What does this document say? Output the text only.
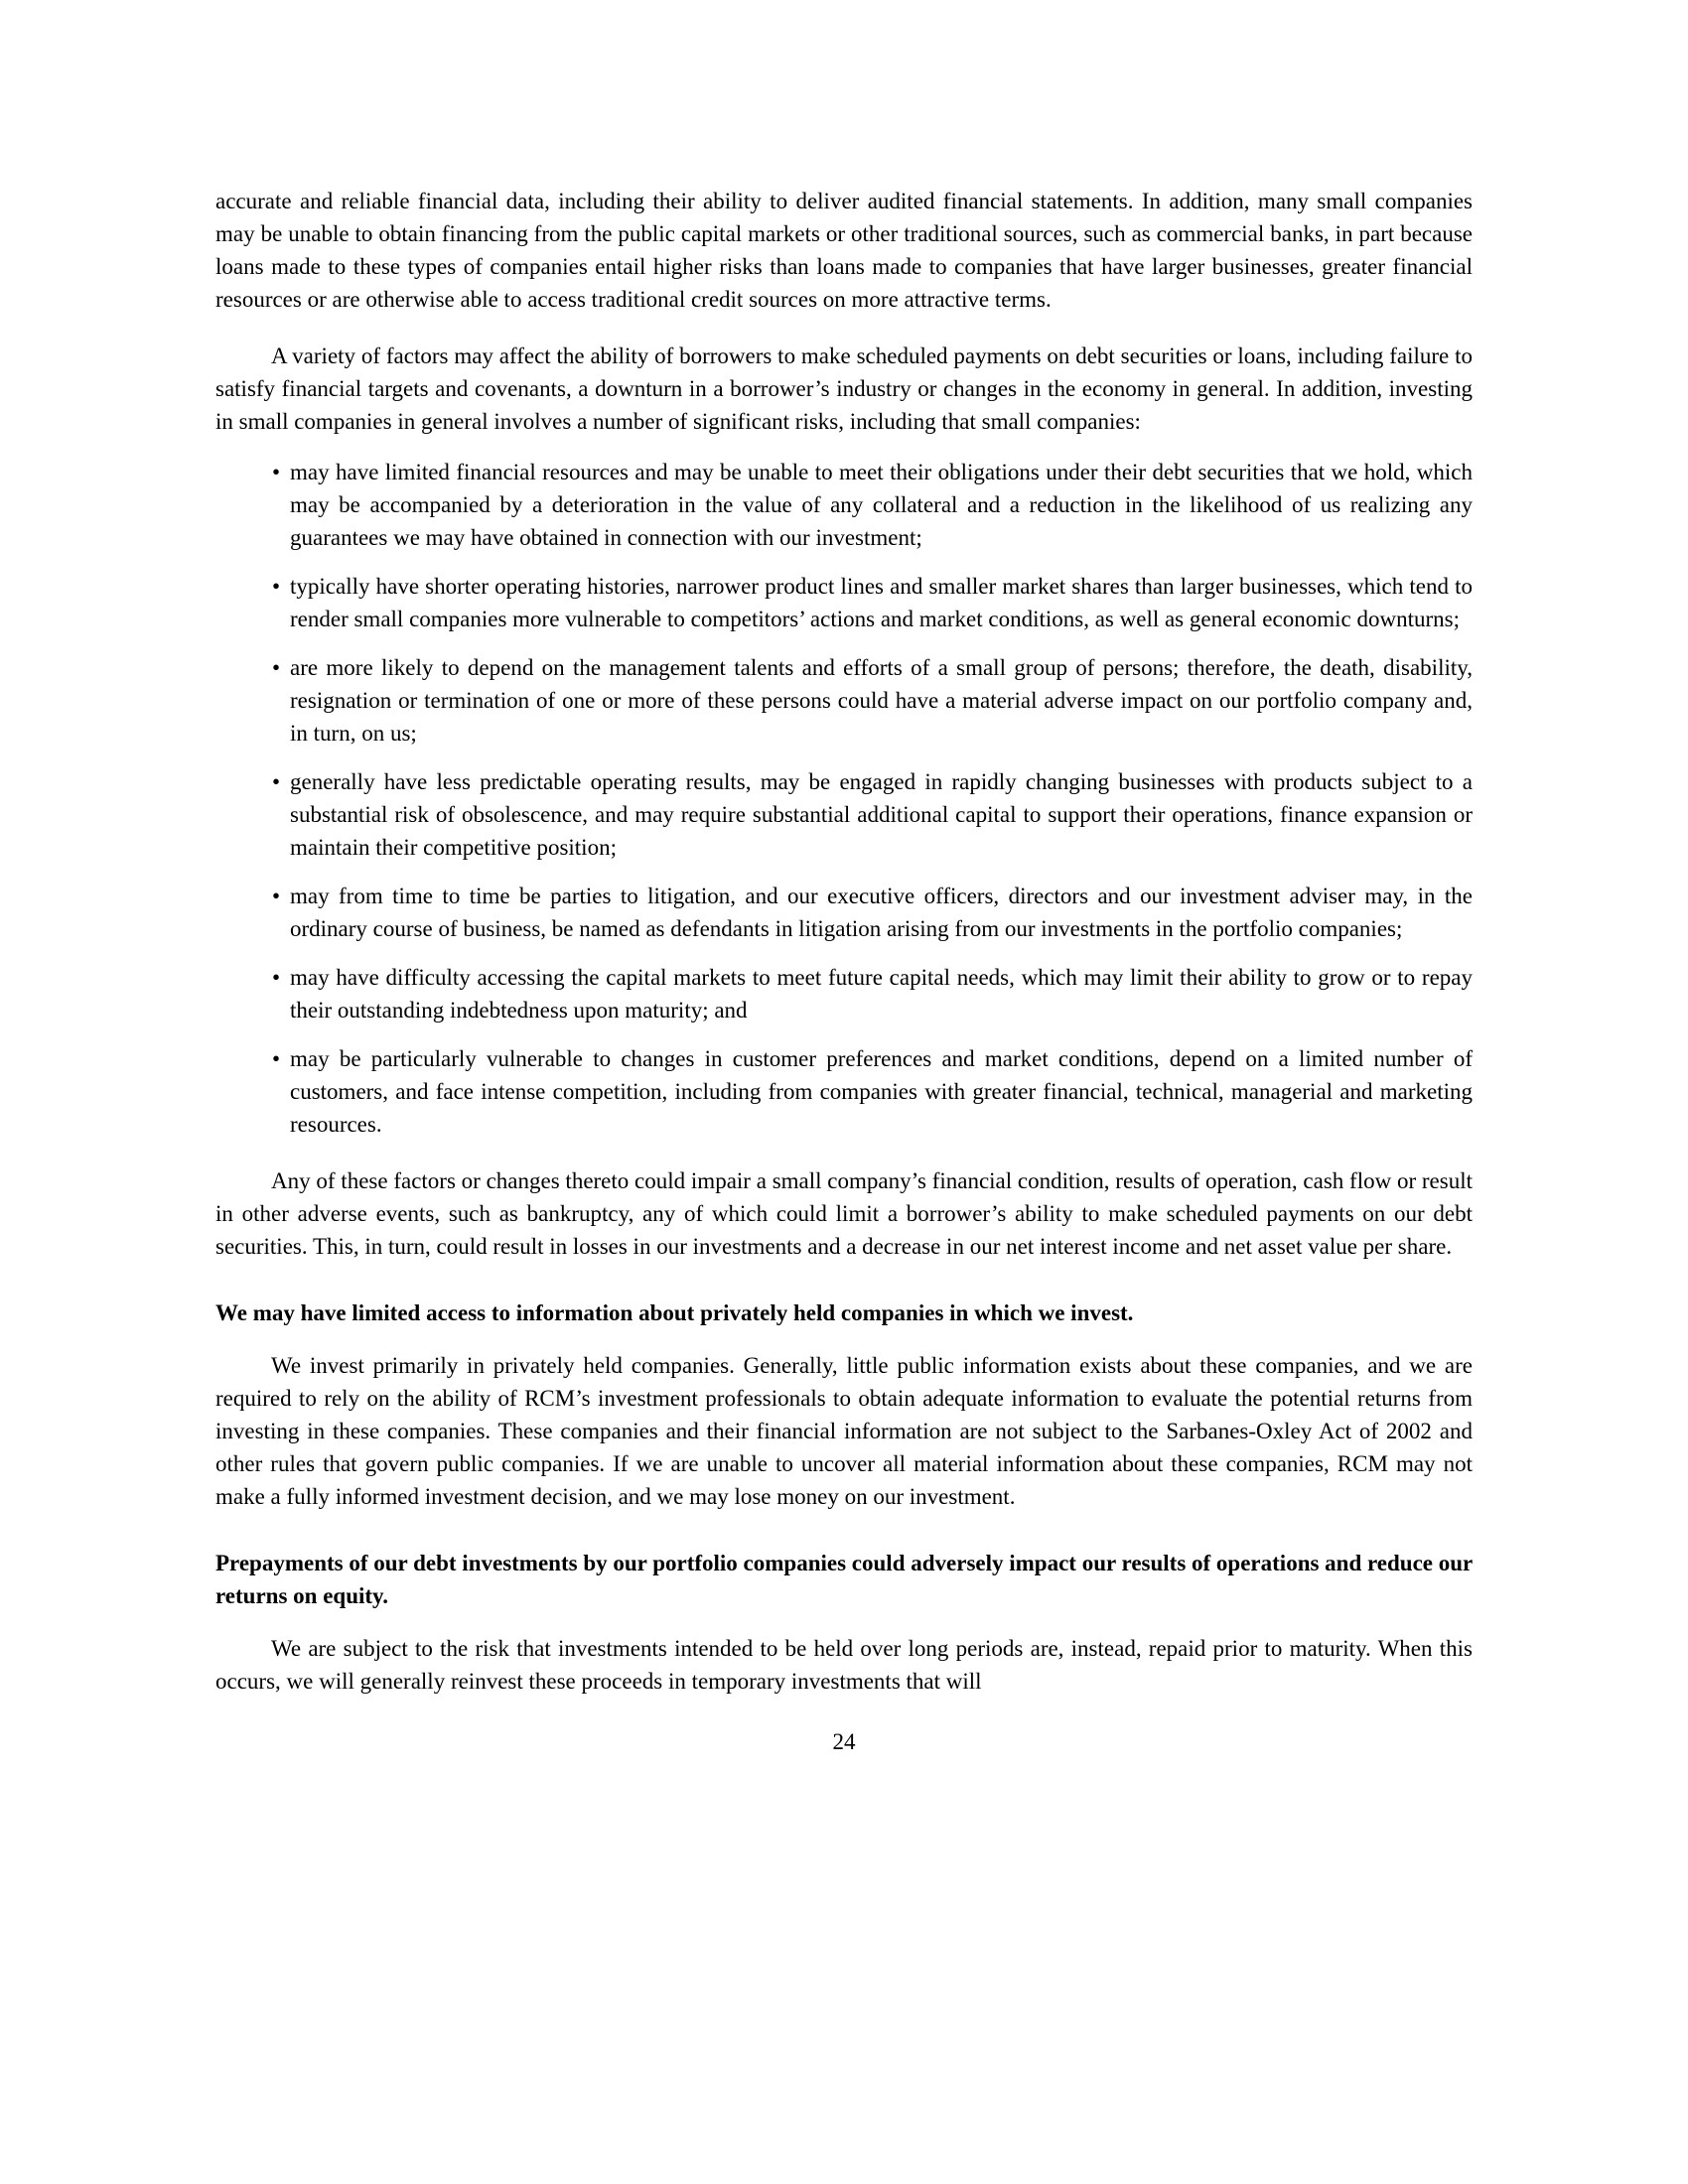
accurate and reliable financial data, including their ability to deliver audited financial statements. In addition, many small companies may be unable to obtain financing from the public capital markets or other traditional sources, such as commercial banks, in part because loans made to these types of companies entail higher risks than loans made to companies that have larger businesses, greater financial resources or are otherwise able to access traditional credit sources on more attractive terms.

A variety of factors may affect the ability of borrowers to make scheduled payments on debt securities or loans, including failure to satisfy financial targets and covenants, a downturn in a borrower’s industry or changes in the economy in general. In addition, investing in small companies in general involves a number of significant risks, including that small companies:

• may have limited financial resources and may be unable to meet their obligations under their debt securities that we hold, which may be accompanied by a deterioration in the value of any collateral and a reduction in the likelihood of us realizing any guarantees we may have obtained in connection with our investment;
• typically have shorter operating histories, narrower product lines and smaller market shares than larger businesses, which tend to render small companies more vulnerable to competitors’ actions and market conditions, as well as general economic downturns;
• are more likely to depend on the management talents and efforts of a small group of persons; therefore, the death, disability, resignation or termination of one or more of these persons could have a material adverse impact on our portfolio company and, in turn, on us;
• generally have less predictable operating results, may be engaged in rapidly changing businesses with products subject to a substantial risk of obsolescence, and may require substantial additional capital to support their operations, finance expansion or maintain their competitive position;
• may from time to time be parties to litigation, and our executive officers, directors and our investment adviser may, in the ordinary course of business, be named as defendants in litigation arising from our investments in the portfolio companies;
• may have difficulty accessing the capital markets to meet future capital needs, which may limit their ability to grow or to repay their outstanding indebtedness upon maturity; and
• may be particularly vulnerable to changes in customer preferences and market conditions, depend on a limited number of customers, and face intense competition, including from companies with greater financial, technical, managerial and marketing resources.

Any of these factors or changes thereto could impair a small company’s financial condition, results of operation, cash flow or result in other adverse events, such as bankruptcy, any of which could limit a borrower’s ability to make scheduled payments on our debt securities. This, in turn, could result in losses in our investments and a decrease in our net interest income and net asset value per share.

We may have limited access to information about privately held companies in which we invest.

We invest primarily in privately held companies. Generally, little public information exists about these companies, and we are required to rely on the ability of RCM’s investment professionals to obtain adequate information to evaluate the potential returns from investing in these companies. These companies and their financial information are not subject to the Sarbanes-Oxley Act of 2002 and other rules that govern public companies. If we are unable to uncover all material information about these companies, RCM may not make a fully informed investment decision, and we may lose money on our investment.

Prepayments of our debt investments by our portfolio companies could adversely impact our results of operations and reduce our returns on equity.

We are subject to the risk that investments intended to be held over long periods are, instead, repaid prior to maturity. When this occurs, we will generally reinvest these proceeds in temporary investments that will

24
